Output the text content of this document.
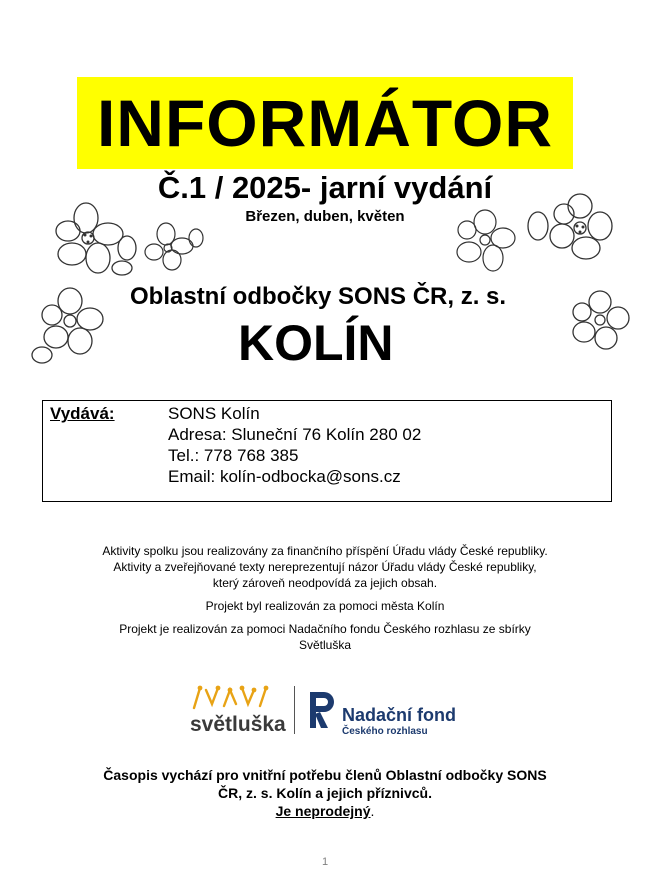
INFORMÁTOR
Č.1 / 2025- jarní vydání
Březen, duben, květen
Oblastní odbočky SONS ČR, z. s.
KOLÍN
Vydává:	SONS Kolín
Adresa: Sluneční 76 Kolín 280 02
Tel.: 778 768 385
Email: kolín-odbocka@sons.cz
Aktivity spolku jsou realizovány za finančního příspění Úřadu vlády České republiky.
Aktivity a zveřejňované texty nereprezentují názor Úřadu vlády České republiky,
který zároveň neodpovídá za jejich obsah.
Projekt byl realizován za pomoci města Kolín
Projekt je realizován za pomoci Nadačního fondu Českého rozhlasu ze sbírky
Světluška
světluška	Nadační fond
Českého rozhlasu
Časopis vychází pro vnitřní potřebu členů Oblastní odbočky SONS
ČR, z. s. Kolín a jejich příznivců.
Je neprodejný.
1
